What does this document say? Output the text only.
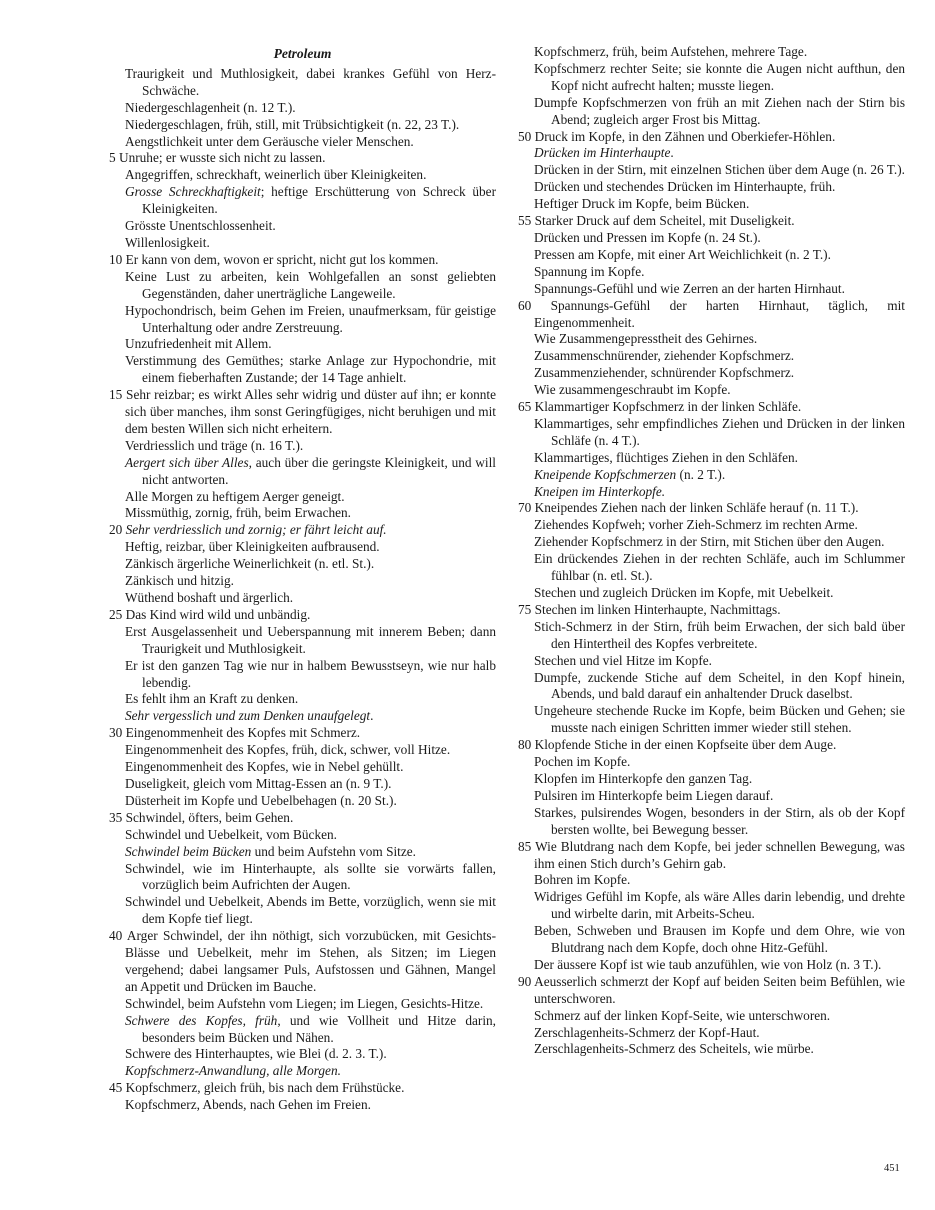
Petroleum
Traurigkeit und Muthlosigkeit, dabei krankes Gefühl von Herz-Schwäche.
Niedergeschlagenheit (n. 12 T.).
Niedergeschlagen, früh, still, mit Trübsichtigkeit (n. 22, 23 T.).
Aengstlichkeit unter dem Geräusche vieler Menschen.
5 Unruhe; er wusste sich nicht zu lassen.
Angegriffen, schreckhaft, weinerlich über Kleinigkeiten.
Grosse Schreckhaftigkeit; heftige Erschütterung von Schreck über Kleinigkeiten.
Grösste Unentschlossenheit.
Willenlosigkeit.
10 Er kann von dem, wovon er spricht, nicht gut los kommen.
Keine Lust zu arbeiten, kein Wohlgefallen an sonst geliebten Gegenständen, daher unerträgliche Langeweile.
Hypochondrisch, beim Gehen im Freien, unaufmerksam, für geistige Unterhaltung oder andre Zerstreuung.
Unzufriedenheit mit Allem.
Verstimmung des Gemüthes; starke Anlage zur Hypochondrie, mit einem fieberhaften Zustande; der 14 Tage anhielt.
15 Sehr reizbar; es wirkt Alles sehr widrig und düster auf ihn; er konnte sich über manches, ihm sonst Geringfügiges, nicht beruhigen und mit dem besten Willen sich nicht erheitern.
Verdriesslich und träge (n. 16 T.).
Aergert sich über Alles, auch über die geringste Kleinigkeit, und will nicht antworten.
Alle Morgen zu heftigem Aerger geneigt.
Missmüthig, zornig, früh, beim Erwachen.
20 Sehr verdriesslich und zornig; er fährt leicht auf.
Heftig, reizbar, über Kleinigkeiten aufbrausend.
Zänkisch ärgerliche Weinerlichkeit (n. etl. St.).
Zänkisch und hitzig.
Wüthend boshaft und ärgerlich.
25 Das Kind wird wild und unbändig.
Erst Ausgelassenheit und Ueberspannung mit innerem Beben; dann Traurigkeit und Muthlosigkeit.
Er ist den ganzen Tag wie nur in halbem Bewusstseyn, wie nur halb lebendig.
Es fehlt ihm an Kraft zu denken.
Sehr vergesslich und zum Denken unaufgelegt.
30 Eingenommenheit des Kopfes mit Schmerz.
Eingenommenheit des Kopfes, früh, dick, schwer, voll Hitze.
Eingenommenheit des Kopfes, wie in Nebel gehüllt.
Duseligkeit, gleich vom Mittag-Essen an (n. 9 T.).
Düsterheit im Kopfe und Uebelbehagen (n. 20 St.).
35 Schwindel, öfters, beim Gehen.
Schwindel und Uebelkeit, vom Bücken.
Schwindel beim Bücken und beim Aufstehn vom Sitze.
Schwindel, wie im Hinterhaupte, als sollte sie vorwärts fallen, vorzüglich beim Aufrichten der Augen.
Schwindel und Uebelkeit, Abends im Bette, vorzüglich, wenn sie mit dem Kopfe tief liegt.
40 Arger Schwindel, der ihn nöthigt, sich vorzubücken, mit Gesichts-Blässe und Uebelkeit, mehr im Stehen, als Sitzen; im Liegen vergehend; dabei langsamer Puls, Aufstossen und Gähnen, Mangel an Appetit und Drücken im Bauche.
Schwindel, beim Aufstehn vom Liegen; im Liegen, Gesichts-Hitze.
Schwere des Kopfes, früh, und wie Vollheit und Hitze darin, besonders beim Bücken und Nähen.
Schwere des Hinterhauptes, wie Blei (d. 2. 3. T.).
Kopfschmerz-Anwandlung, alle Morgen.
45 Kopfschmerz, gleich früh, bis nach dem Frühstücke.
Kopfschmerz, Abends, nach Gehen im Freien.
Kopfschmerz, früh, beim Aufstehen, mehrere Tage.
Kopfschmerz rechter Seite; sie konnte die Augen nicht aufthun, den Kopf nicht aufrecht halten; musste liegen.
Dumpfe Kopfschmerzen von früh an mit Ziehen nach der Stirn bis Abend; zugleich arger Frost bis Mittag.
50 Druck im Kopfe, in den Zähnen und Oberkiefer-Höhlen.
Drücken im Hinterhaupte.
Drücken in der Stirn, mit einzelnen Stichen über dem Auge (n. 26 T.).
Drücken und stechendes Drücken im Hinterhaupte, früh.
Heftiger Druck im Kopfe, beim Bücken.
55 Starker Druck auf dem Scheitel, mit Duseligkeit.
Drücken und Pressen im Kopfe (n. 24 St.).
Pressen am Kopfe, mit einer Art Weichlichkeit (n. 2 T.).
Spannung im Kopfe.
Spannungs-Gefühl und wie Zerren an der harten Hirnhaut.
60 Spannungs-Gefühl der harten Hirnhaut, täglich, mit Eingenommenheit.
Wie Zusammengepresstheit des Gehirnes.
Zusammenschnürender, ziehender Kopfschmerz.
Zusammenziehender, schnürender Kopfschmerz.
Wie zusammengeschraubt im Kopfe.
65 Klammartiger Kopfschmerz in der linken Schläfe.
Klammartiges, sehr empfindliches Ziehen und Drücken in der linken Schläfe (n. 4 T.).
Klammartiges, flüchtiges Ziehen in den Schläfen.
Kneipende Kopfschmerzen (n. 2 T.).
Kneipen im Hinterkopfe.
70 Kneipendes Ziehen nach der linken Schläfe herauf (n. 11 T.).
Ziehendes Kopfweh; vorher Zieh-Schmerz im rechten Arme.
Ziehender Kopfschmerz in der Stirn, mit Stichen über den Augen.
Ein drückendes Ziehen in der rechten Schläfe, auch im Schlummer fühlbar (n. etl. St.).
Stechen und zugleich Drücken im Kopfe, mit Uebelkeit.
75 Stechen im linken Hinterhaupte, Nachmittags.
Stich-Schmerz in der Stirn, früh beim Erwachen, der sich bald über den Hintertheil des Kopfes verbreitete.
Stechen und viel Hitze im Kopfe.
Dumpfe, zuckende Stiche auf dem Scheitel, in den Kopf hinein, Abends, und bald darauf ein anhaltender Druck daselbst.
Ungeheure stechende Rucke im Kopfe, beim Bücken und Gehen; sie musste nach einigen Schritten immer wieder still stehen.
80 Klopfende Stiche in der einen Kopfseite über dem Auge.
Pochen im Kopfe.
Klopfen im Hinterkopfe den ganzen Tag.
Pulsiren im Hinterkopfe beim Liegen darauf.
Starkes, pulsirendes Wogen, besonders in der Stirn, als ob der Kopf bersten wollte, bei Bewegung besser.
85 Wie Blutdrang nach dem Kopfe, bei jeder schnellen Bewegung, was ihm einen Stich durch’s Gehirn gab.
Bohren im Kopfe.
Widriges Gefühl im Kopfe, als wäre Alles darin lebendig, und drehte und wirbelte darin, mit Arbeits-Scheu.
Beben, Schweben und Brausen im Kopfe und dem Ohre, wie von Blutdrang nach dem Kopfe, doch ohne Hitz-Gefühl.
Der äussere Kopf ist wie taub anzufühlen, wie von Holz (n. 3 T.).
90 Aeusserlich schmerzt der Kopf auf beiden Seiten beim Befühlen, wie unterschworen.
Schmerz auf der linken Kopf-Seite, wie unterschworen.
Zerschlagenheits-Schmerz der Kopf-Haut.
Zerschlagenheits-Schmerz des Scheitels, wie mürbe.
451
